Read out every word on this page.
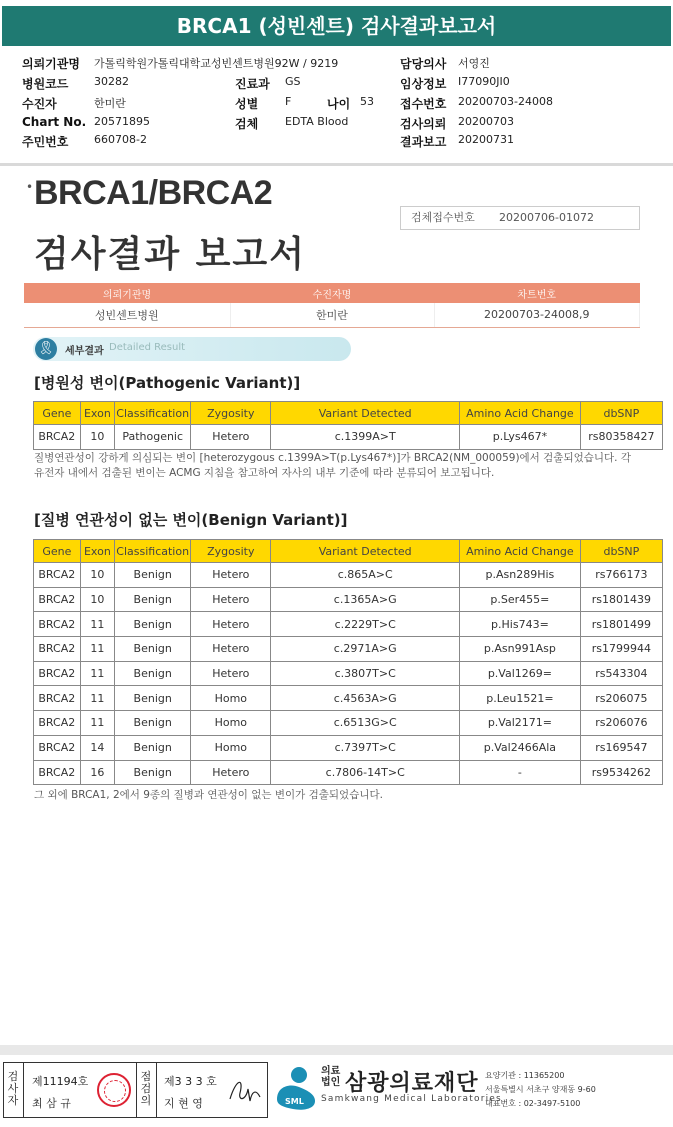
BRCA1 (성빈센트) 검사결과보고서
의뢰기관명 가톨릭학원가톨릭대학교성빈센트병원92W / 9219
병원코드 30282
수진자	한미란
Chart No. 20571895
주민번호 660708-2
진료과 GS
성별 F	나이 53
검체 EDTA Blood
담당의사 서영진
임상정보 I77090JI0
접수번호 20200703-24008
검사의뢰 20200703
결과보고 20200731
• BRCA1/BRCA2
검사결과 보고서
검체접수번호 20200706-01072
의뢰기관명	수진자명	차트번호
성빈센트병원	한미란	20200703-24008,9
🎗 세부결과 Detailed Result
[병원성 변이(Pathogenic Variant)]
Gene	Exon	Classification	Zygosity	Variant Detected	Amino Acid Change	dbSNP
BRCA2	10	Pathogenic	Hetero	c.1399A>T	p.Lys467*	rs80358427
질병연관성이 강하게 의심되는 변이 [heterozygous c.1399A>T(p.Lys467*)]가 BRCA2(NM_000059)에서 검출되었습니다. 각
유전자 내에서 검출된 변이는 ACMG 지침을 참고하여 자사의 내부 기준에 따라 분류되어 보고됩니다.
[질병 연관성이 없는 변이(Benign Variant)]
Gene	Exon	Classification	Zygosity	Variant Detected	Amino Acid Change	dbSNP
BRCA2	10	Benign	Hetero	c.865A>C	p.Asn289His	rs766173
BRCA2	10	Benign	Hetero	c.1365A>G	p.Ser455=	rs1801439
BRCA2	11	Benign	Hetero	c.2229T>C	p.His743=	rs1801499
BRCA2	11	Benign	Hetero	c.2971A>G	p.Asn991Asp	rs1799944
BRCA2	11	Benign	Hetero	c.3807T>C	p.Val1269=	rs543304
BRCA2	11	Benign	Homo	c.4563A>G	p.Leu1521=	rs206075
BRCA2	11	Benign	Homo	c.6513G>C	p.Val2171=	rs206076
BRCA2	14	Benign	Homo	c.7397T>C	p.Val2466Ala	rs169547
BRCA2	16	Benign	Hetero	c.7806-14T>C	-	rs9534262
그 외에 BRCA1, 2에서 9종의 질병과 연관성이 없는 변이가 검출되었습니다.
검사자
제11194호
최 삼 규
점검의
제3 3 3 호
지 현 영	SML
의료 법인 삼광의료재단
Samkwang Medical Laboratories
요양기관 : 11365200
서울특별시 서초구 양재동 9-60
대표번호 : 02-3497-5100
